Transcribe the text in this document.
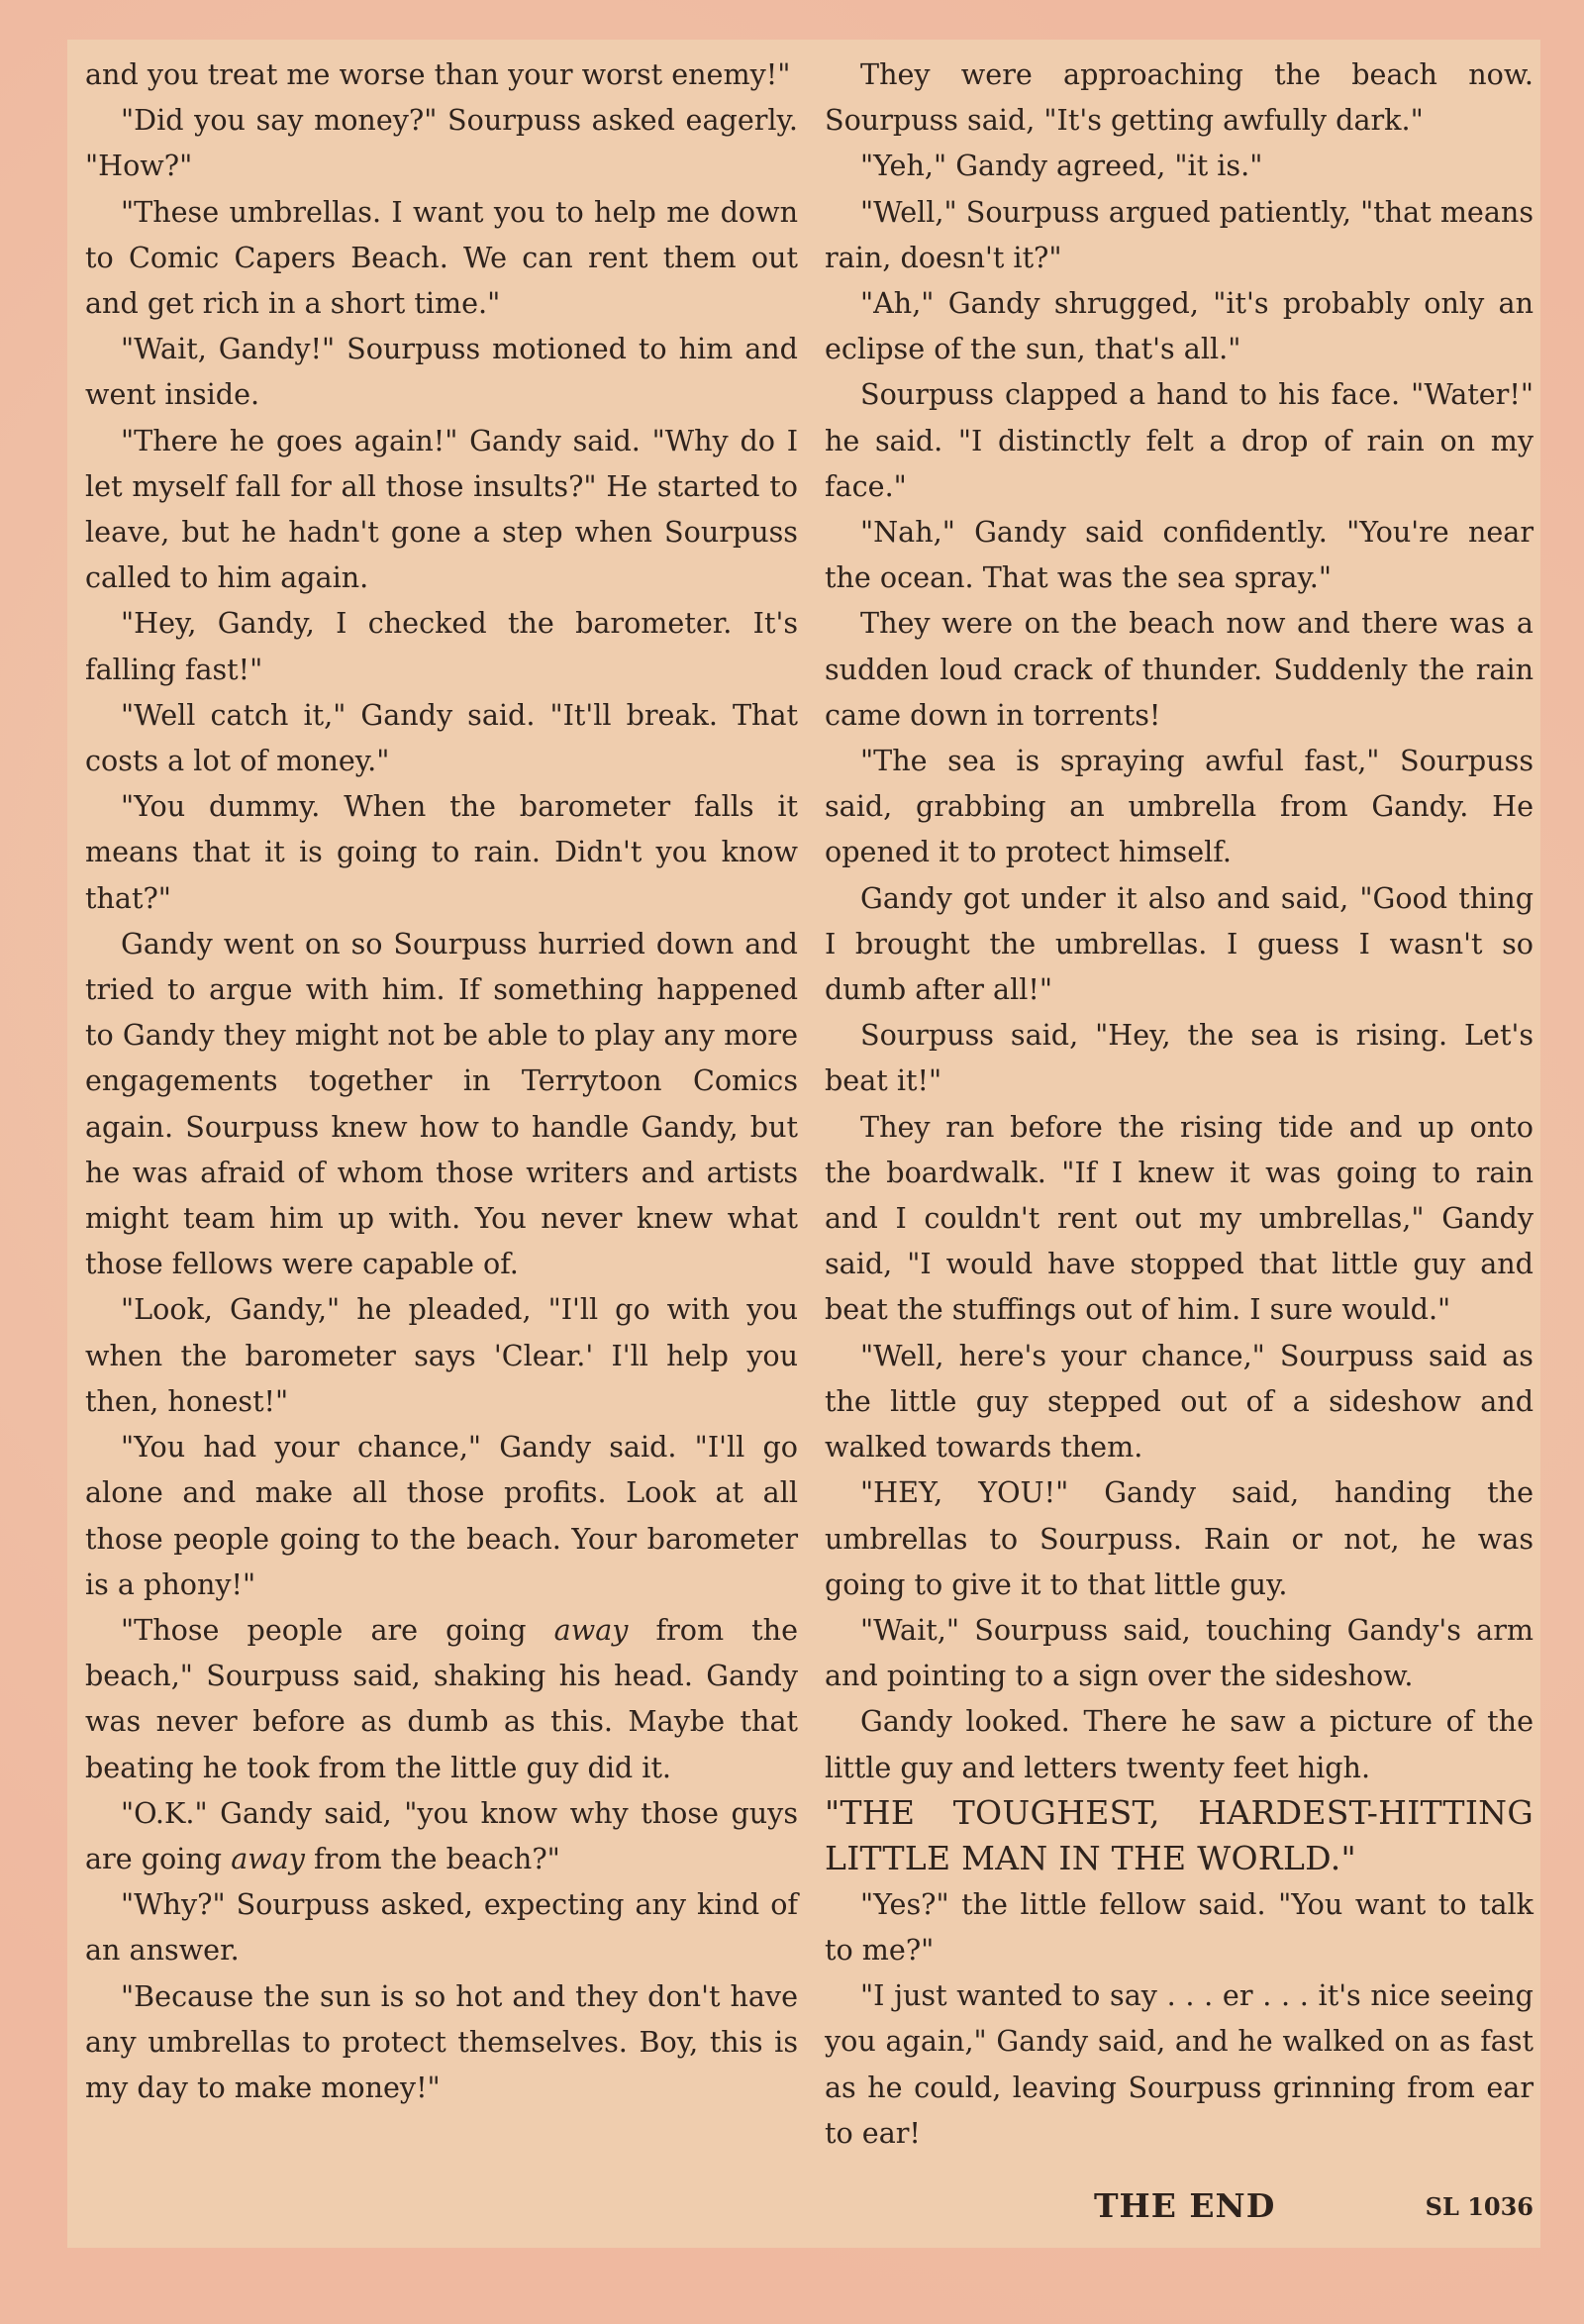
and you treat me worse than your worst enemy!"

"Did you say money?" Sourpuss asked eagerly. "How?"

"These umbrellas. I want you to help me down to Comic Capers Beach. We can rent them out and get rich in a short time."

"Wait, Gandy!" Sourpuss motioned to him and went inside.

"There he goes again!" Gandy said. "Why do I let myself fall for all those insults?" He started to leave, but he hadn't gone a step when Sourpuss called to him again.

"Hey, Gandy, I checked the barometer. It's falling fast!"

"Well catch it," Gandy said. "It'll break. That costs a lot of money."

"You dummy. When the barometer falls it means that it is going to rain. Didn't you know that?"

Gandy went on so Sourpuss hurried down and tried to argue with him. If something happened to Gandy they might not be able to play any more engagements together in Terrytoon Comics again. Sourpuss knew how to handle Gandy, but he was afraid of whom those writers and artists might team him up with. You never knew what those fellows were capable of.

"Look, Gandy," he pleaded, "I'll go with you when the barometer says 'Clear.' I'll help you then, honest!"

"You had your chance," Gandy said. "I'll go alone and make all those profits. Look at all those people going to the beach. Your barometer is a phony!"

"Those people are going away from the beach," Sourpuss said, shaking his head. Gandy was never before as dumb as this. Maybe that beating he took from the little guy did it.

"O.K." Gandy said, "you know why those guys are going away from the beach?"

"Why?" Sourpuss asked, expecting any kind of an answer.

"Because the sun is so hot and they don't have any umbrellas to protect themselves. Boy, this is my day to make money!"

They were approaching the beach now. Sourpuss said, "It's getting awfully dark."

"Yeh," Gandy agreed, "it is."

"Well," Sourpuss argued patiently, "that means rain, doesn't it?"

"Ah," Gandy shrugged, "it's probably only an eclipse of the sun, that's all."

Sourpuss clapped a hand to his face. "Water!" he said. "I distinctly felt a drop of rain on my face."

"Nah," Gandy said confidently. "You're near the ocean. That was the sea spray."

They were on the beach now and there was a sudden loud crack of thunder. Suddenly the rain came down in torrents!

"The sea is spraying awful fast," Sourpuss said, grabbing an umbrella from Gandy. He opened it to protect himself.

Gandy got under it also and said, "Good thing I brought the umbrellas. I guess I wasn't so dumb after all!"

Sourpuss said, "Hey, the sea is rising. Let's beat it!"

They ran before the rising tide and up onto the boardwalk. "If I knew it was going to rain and I couldn't rent out my umbrellas," Gandy said, "I would have stopped that little guy and beat the stuffings out of him. I sure would."

"Well, here's your chance," Sourpuss said as the little guy stepped out of a sideshow and walked towards them.

"HEY, YOU!" Gandy said, handing the umbrellas to Sourpuss. Rain or not, he was going to give it to that little guy.

"Wait," Sourpuss said, touching Gandy's arm and pointing to a sign over the sideshow.

Gandy looked. There he saw a picture of the little guy and letters twenty feet high.

"THE TOUGHEST, HARDEST-HITTING LITTLE MAN IN THE WORLD."

"Yes?" the little fellow said. "You want to talk to me?"

"I just wanted to say . . . er . . . it's nice seeing you again," Gandy said, and he walked on as fast as he could, leaving Sourpuss grinning from ear to ear!

THE END	SL 1036
